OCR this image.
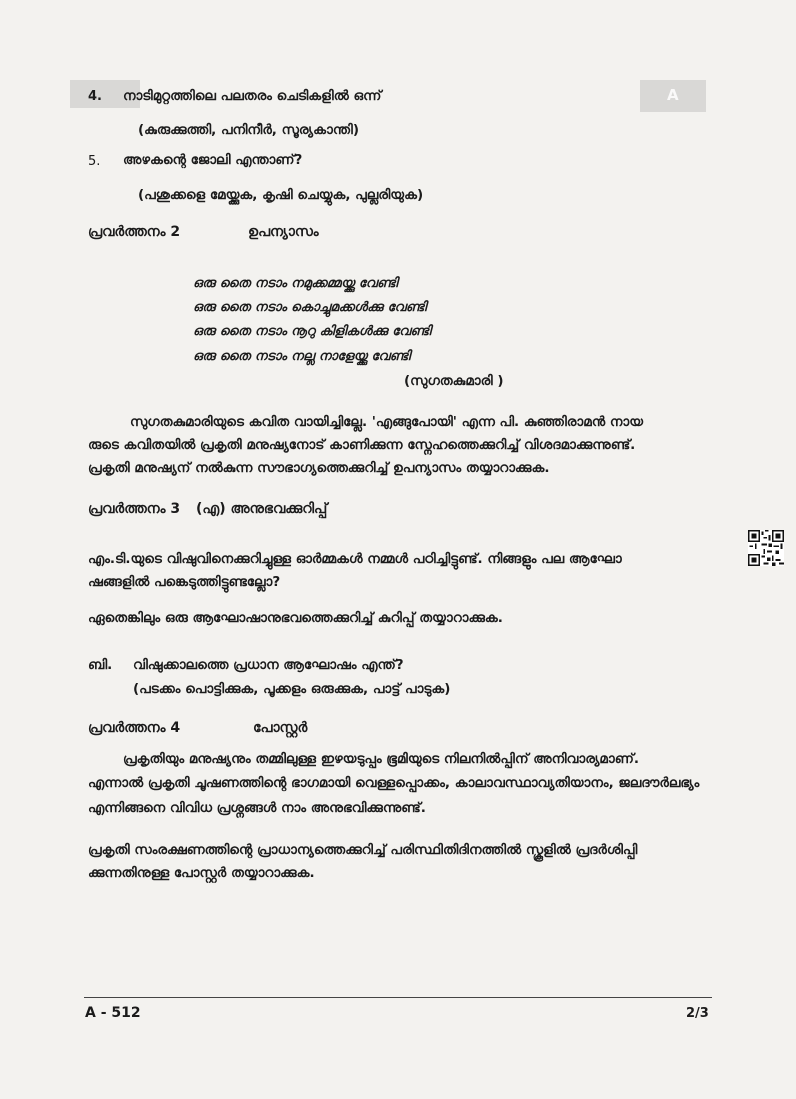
A
4. നാടിമുറ്റത്തിലെ പലതരം ചെടികളിൽ ഒന്ന്
(കുരുക്കുത്തി, പനിനീർ, സൂര്യകാന്തി)
5. അഴകന്റെ ജോലി എന്താണ്?
(പശുക്കളെ മേയ്ക്കുക, കൃഷി ചെയ്യുക, പുല്ലരിയുക)
പ്രവർത്തനം 2	ഉപന്യാസം
ഒരു തൈ നടാം നമുക്കമ്മയ്ക്കു വേണ്ടി
ഒരു തൈ നടാം കൊച്ചുമക്കൾക്കു വേണ്ടി
ഒരു തൈ നടാം നൂറു കിളികൾക്കു വേണ്ടി
ഒരു തൈ നടാം നല്ല നാളേയ്ക്കു വേണ്ടി
(സുഗതകുമാരി )
സുഗതകുമാരിയുടെ കവിത വായിച്ചില്ലേ. 'എങ്ങുപോയി' എന്ന പി. കുഞ്ഞിരാമൻ നായ
രുടെ കവിതയിൽ പ്രകൃതി മനുഷ്യനോട് കാണിക്കുന്ന സ്നേഹത്തെക്കുറിച്ച് വിശദമാക്കുന്നുണ്ട്.
പ്രകൃതി മനുഷ്യന് നൽകുന്ന സൗഭാഗ്യത്തെക്കുറിച്ച് ഉപന്യാസം തയ്യാറാക്കുക.
പ്രവർത്തനം 3 (എ) അനുഭവക്കുറിപ്പ്
എം.ടി.യുടെ വിഷുവിനെക്കുറിച്ചുള്ള ഓർമ്മകൾ നമ്മൾ പഠിച്ചിട്ടുണ്ട്. നിങ്ങളും പല ആഘോ
ഷങ്ങളിൽ പങ്കെടുത്തിട്ടുണ്ടല്ലോ?
ഏതെങ്കിലും ഒരു ആഘോഷാനുഭവത്തെക്കുറിച്ച് കുറിപ്പ് തയ്യാറാക്കുക.
ബി. വിഷുക്കാലത്തെ പ്രധാന ആഘോഷം എന്ത്?
(പടക്കം പൊട്ടിക്കുക, പൂക്കളം ഒരുക്കുക, പാട്ട് പാടുക)
പ്രവർത്തനം 4	പോസ്റ്റർ
പ്രകൃതിയും മനുഷ്യനും തമ്മിലുള്ള ഇഴയടുപ്പം ഭൂമിയുടെ നിലനിൽപ്പിന് അനിവാര്യമാണ്.
എന്നാൽ പ്രകൃതി ചൂഷണത്തിന്റെ ഭാഗമായി വെള്ളപ്പൊക്കം, കാലാവസ്ഥാവ്യതിയാനം, ജലദൗർലഭ്യം
എന്നിങ്ങനെ വിവിധ പ്രശ്നങ്ങൾ നാം അനുഭവിക്കുന്നുണ്ട്.
പ്രകൃതി സംരക്ഷണത്തിന്റെ പ്രാധാന്യത്തെക്കുറിച്ച് പരിസ്ഥിതിദിനത്തിൽ സ്കൂളിൽ പ്രദർശിപ്പി
ക്കുന്നതിനുള്ള പോസ്റ്റർ തയ്യാറാക്കുക.
A - 512	2/3
